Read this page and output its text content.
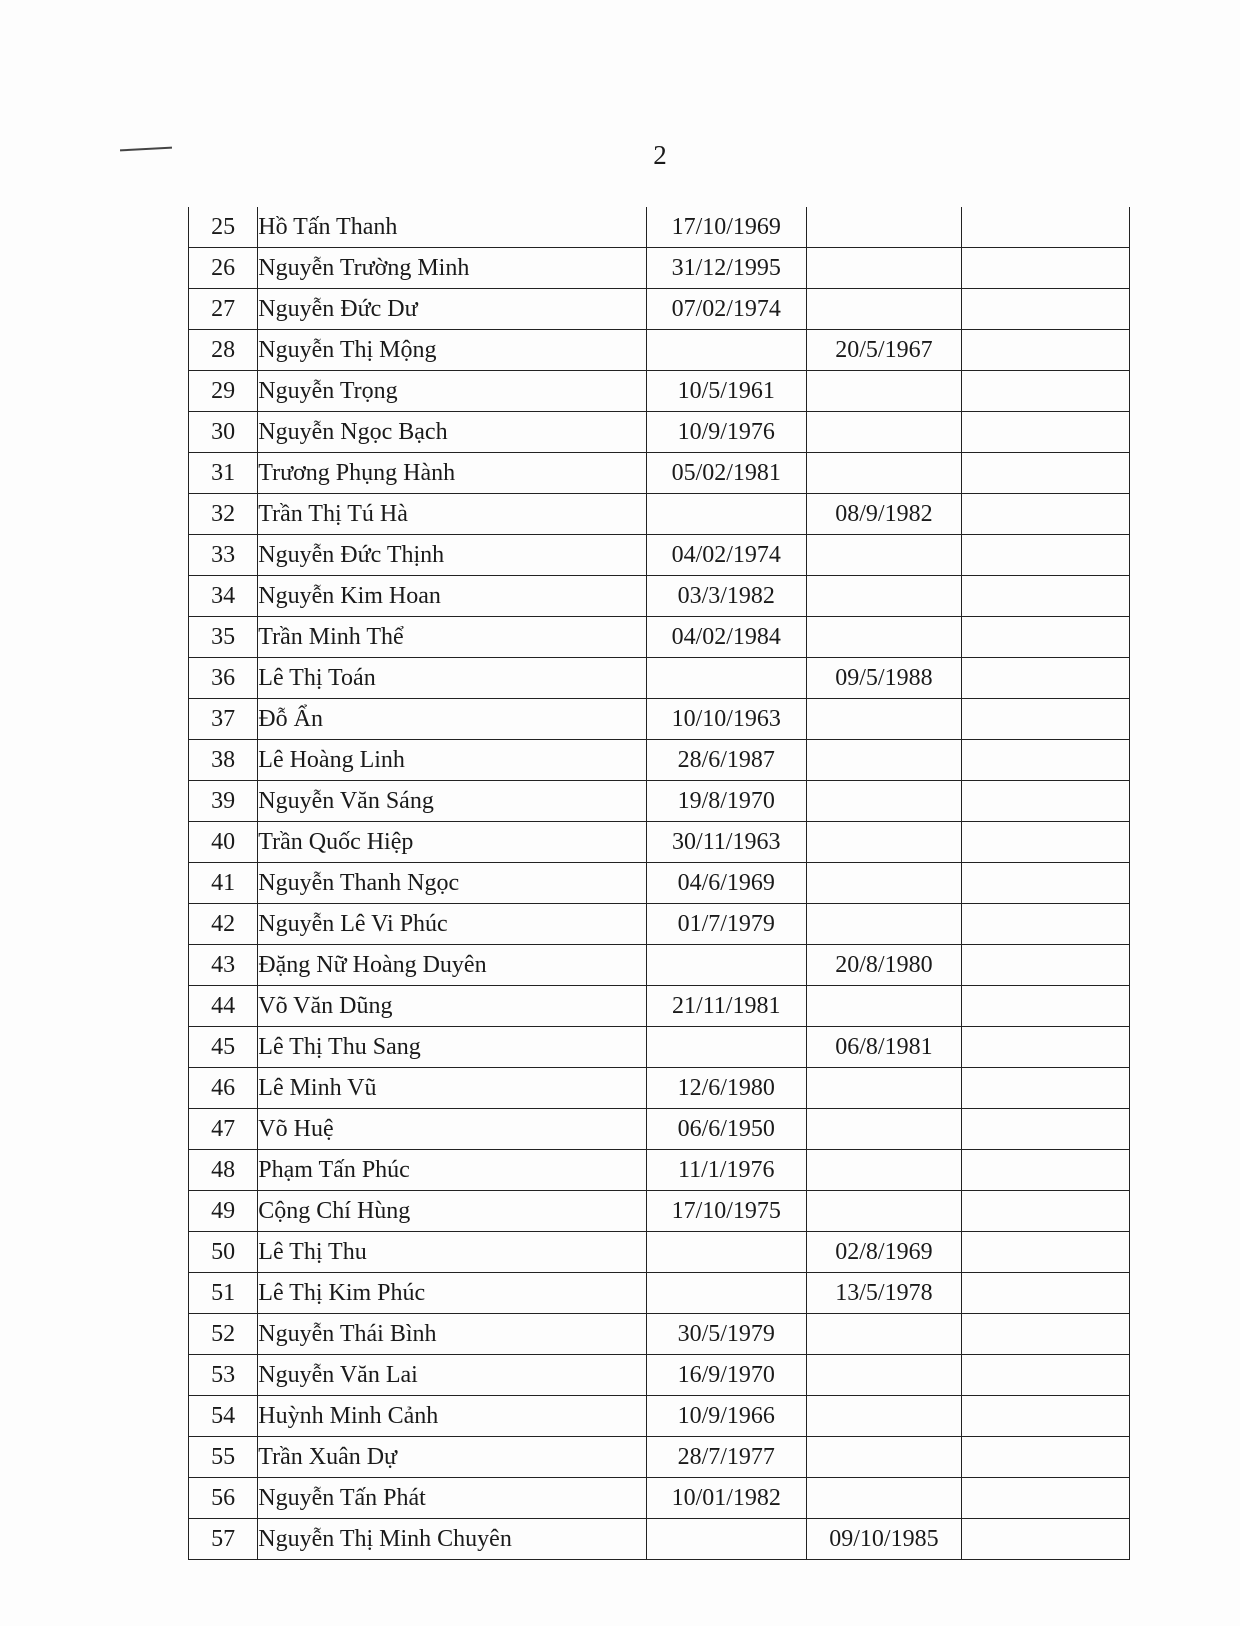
2
25	Hồ Tấn Thanh	17/10/1969		
26	Nguyễn Trường Minh	31/12/1995		
27	Nguyễn Đức Dư	07/02/1974		
28	Nguyễn Thị Mộng		20/5/1967	
29	Nguyễn Trọng	10/5/1961		
30	Nguyễn Ngọc Bạch	10/9/1976		
31	Trương Phụng Hành	05/02/1981		
32	Trần Thị Tú Hà		08/9/1982	
33	Nguyễn Đức Thịnh	04/02/1974		
34	Nguyễn Kim Hoan	03/3/1982		
35	Trần Minh Thể	04/02/1984		
36	Lê Thị Toán		09/5/1988	
37	Đỗ Ẩn	10/10/1963		
38	Lê Hoàng Linh	28/6/1987		
39	Nguyễn Văn Sáng	19/8/1970		
40	Trần Quốc Hiệp	30/11/1963		
41	Nguyễn Thanh Ngọc	04/6/1969		
42	Nguyễn Lê Vi Phúc	01/7/1979		
43	Đặng Nữ Hoàng Duyên		20/8/1980	
44	Võ Văn Dũng	21/11/1981		
45	Lê Thị Thu Sang		06/8/1981	
46	Lê Minh Vũ	12/6/1980		
47	Võ Huệ	06/6/1950		
48	Phạm Tấn Phúc	11/1/1976		
49	Cộng Chí Hùng	17/10/1975		
50	Lê Thị Thu		02/8/1969	
51	Lê Thị Kim Phúc		13/5/1978	
52	Nguyễn Thái Bình	30/5/1979		
53	Nguyễn Văn Lai	16/9/1970		
54	Huỳnh Minh Cảnh	10/9/1966		
55	Trần Xuân Dự	28/7/1977		
56	Nguyễn Tấn Phát	10/01/1982		
57	Nguyễn Thị Minh Chuyên		09/10/1985	
